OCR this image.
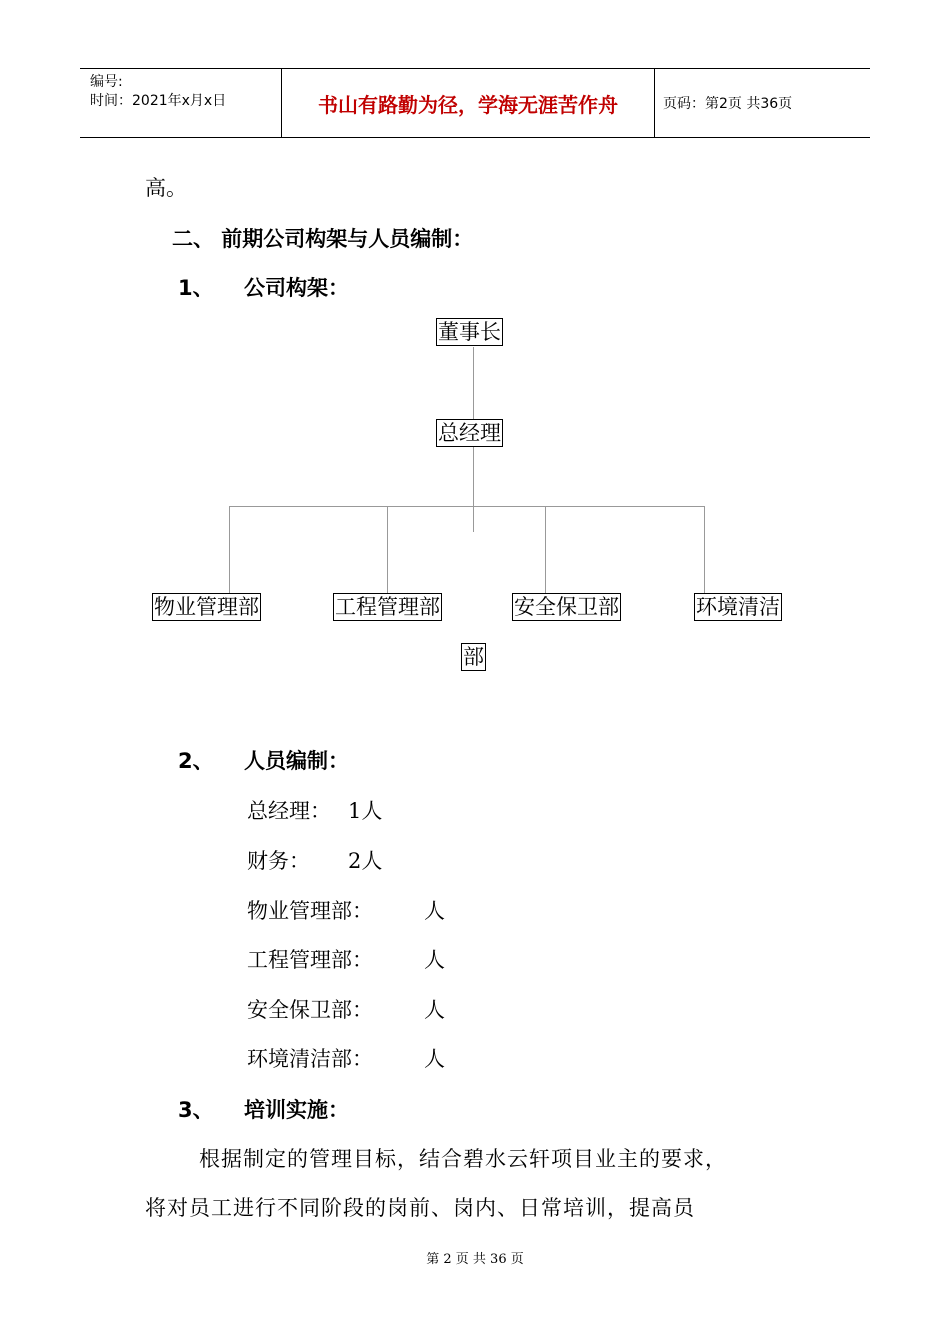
编号:
时间：2021年x月x日	书山有路勤为径，学海无涯苦作舟	页码：第2页 共36页
高。
二、 前期公司构架与人员编制：
1、 公司构架：
董事长
总经理
物业管理部	工程管理部	安全保卫部	环境清洁
部
2、 人员编制：
总经理： 1人
财务： 2人
物业管理部： 人
工程管理部： 人
安全保卫部： 人
环境清洁部： 人
3、 培训实施：
根据制定的管理目标，结合碧水云轩项目业主的要求，
将对员工进行不同阶段的岗前、岗内、日常培训，提高员
第 2 页 共 36 页
